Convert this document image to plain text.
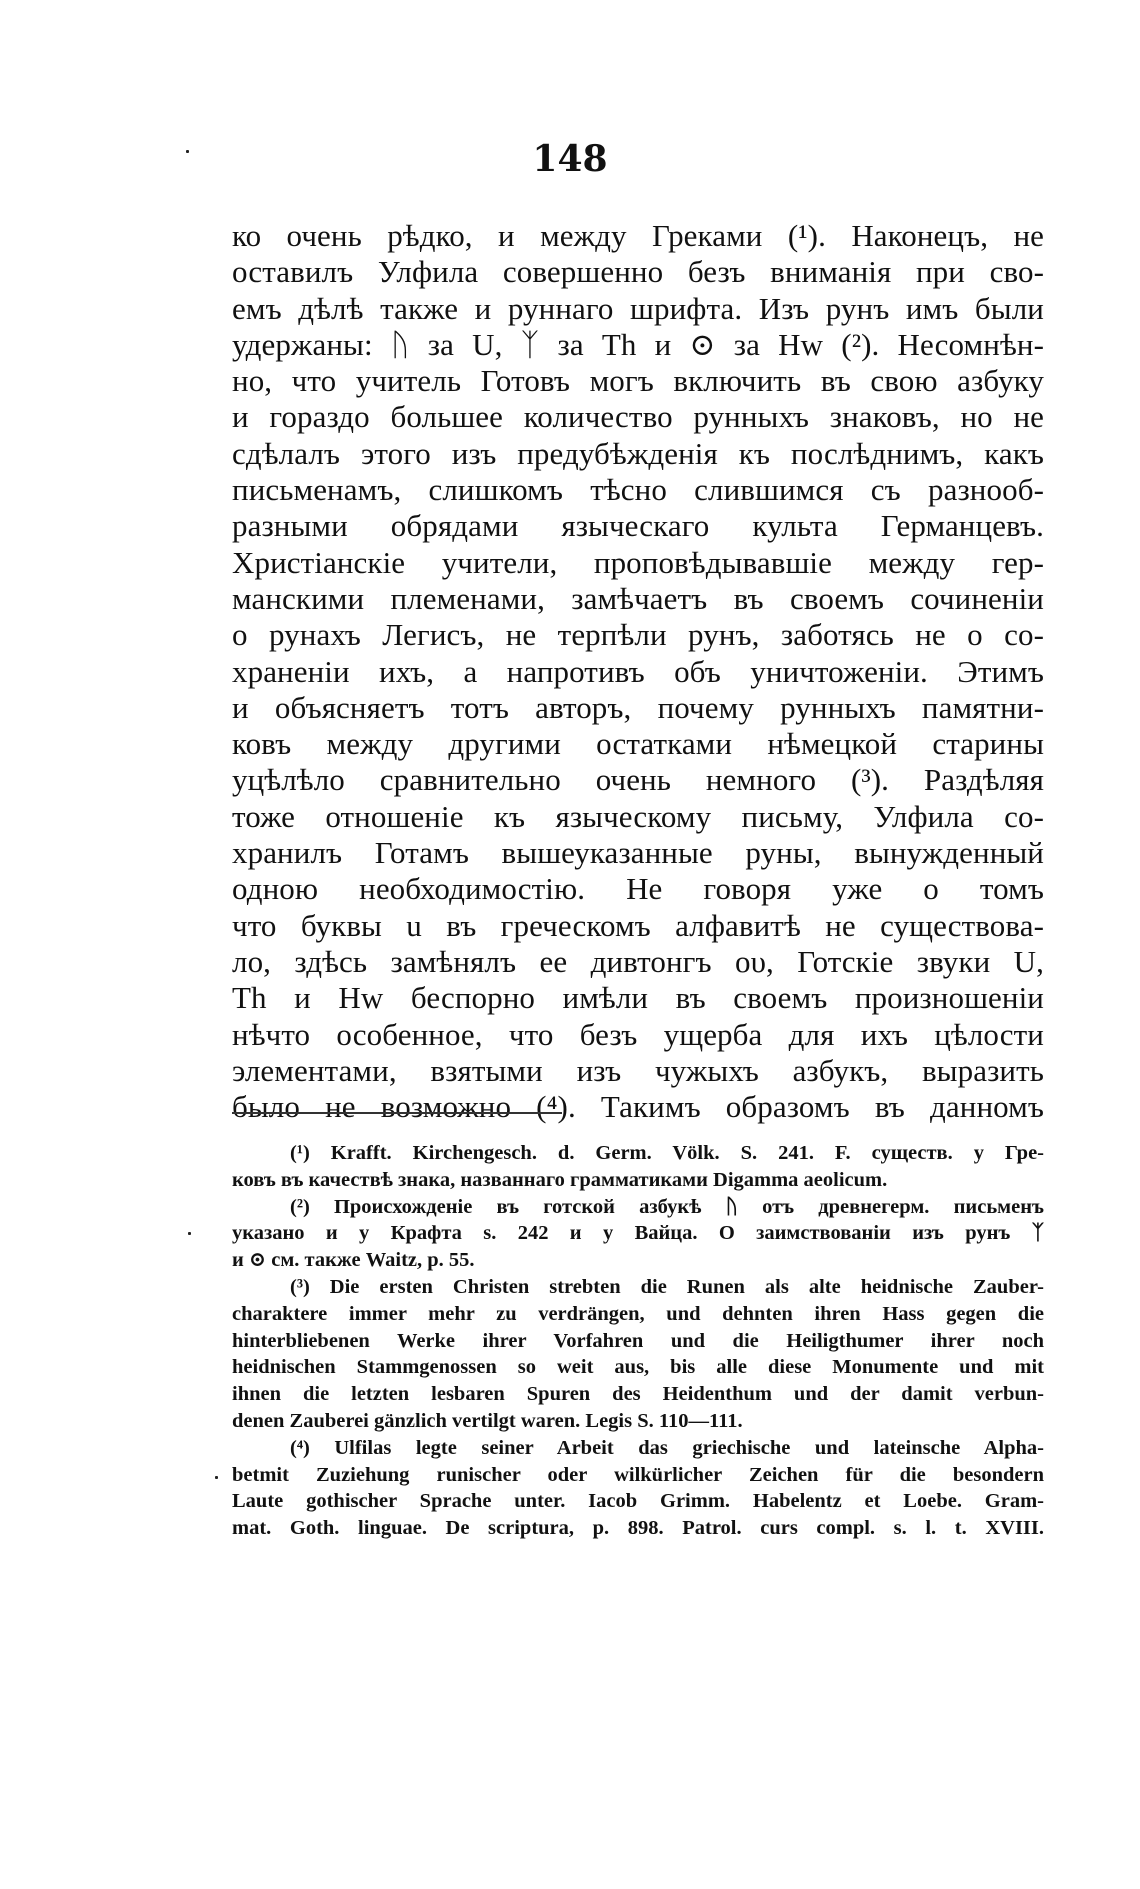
148
ко очень рѣдко, и между Греками (¹). Наконецъ, не
оставилъ Улфила совершенно безъ вниманія при сво-
емъ дѣлѣ также и руннаго шрифта. Изъ рунъ имъ были
удержаны: ᚢ за U, ᛉ за Th и ⊙ за Hw (²). Несомнѣн-
но, что учитель Готовъ могъ включить въ свою азбуку
и гораздо большее количество рунныхъ знаковъ, но не
сдѣлалъ этого изъ предубѣжденія къ послѣднимъ, какъ
письменамъ, слишкомъ тѣсно слившимся съ разнооб-
разными обрядами языческаго культа Германцевъ.
Христіанскіе учители, проповѣдывавшіе между гер-
манскими племенами, замѣчаетъ въ своемъ сочиненіи
о рунахъ Легисъ, не терпѣли рунъ, заботясь не о со-
храненіи ихъ, а напротивъ объ уничтоженіи. Этимъ
и объясняетъ тотъ авторъ, почему рунныхъ памятни-
ковъ между другими остатками нѣмецкой старины
уцѣлѣло сравнительно очень немного (³). Раздѣляя
тоже отношеніе къ языческому письму, Улфила со-
хранилъ Готамъ вышеуказанные руны, вынужденный
одною необходимостію. Не говоря уже о томъ
что буквы u въ греческомъ алфавитѣ не существова-
ло, здѣсь замѣнялъ ее дивтонгъ ου, Готскіе звуки U,
Th и Hw беспорно имѣли въ своемъ произношеніи
нѣчто особенное, что безъ ущерба для ихъ цѣлости
элементами, взятыми изъ чужыхъ азбукъ, выразить
было не возможно (⁴). Такимъ образомъ въ данномъ
(¹) Krafft. Kirchengesch. d. Germ. Völk. S. 241. F. существ. у Гре-
ковъ въ качествѣ знака, названнаго грамматиками Digamma aeolicum.
(²) Происхожденіе въ готской азбукѣ ᚢ отъ древнегерм. письменъ
указано и у Крафта s. 242 и у Вайца. О заимствованіи изъ рунъ ᛉ
и ⊙ см. также Waitz, p. 55.
(³) Die ersten Christen strebten die Runen als alte heidnische Zauber-
charaktere immer mehr zu verdrängen, und dehnten ihren Hass gegen die
hinterbliebenen Werke ihrer Vorfahren und die Heiligthumer ihrer noch
heidnischen Stammgenossen so weit aus, bis alle diese Monumente und mit
ihnen die letzten lesbaren Spuren des Heidenthum und der damit verbun-
denen Zauberei gänzlich vertilgt waren. Legis S. 110—111.
(⁴) Ulfilas legte seiner Arbeit das griechische und lateinsche Alpha-
betmit Zuziehung runischer oder wilkürlicher Zeichen für die besondern
Laute gothischer Sprache unter. Iacob Grimm. Habelentz et Loebe. Gram-
mat. Goth. linguae. De scriptura, p. 898. Patrol. curs compl. s. l. t. XVIII.
